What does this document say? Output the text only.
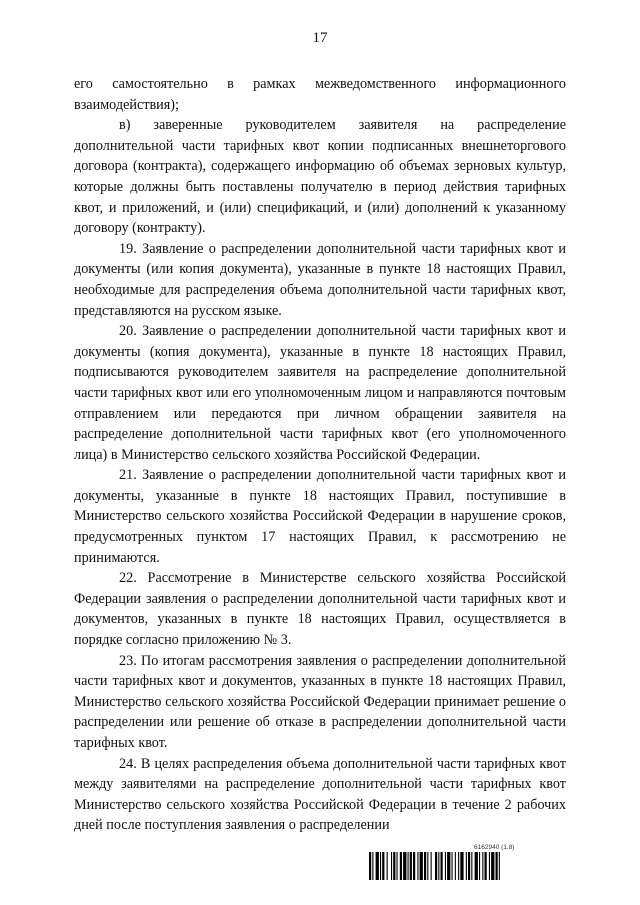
17

его самостоятельно в рамках межведомственного информационного взаимодействия);

в) заверенные руководителем заявителя на распределение дополнительной части тарифных квот копии подписанных внешнеторгового договора (контракта), содержащего информацию об объемах зерновых культур, которые должны быть поставлены получателю в период действия тарифных квот, и приложений, и (или) спецификаций, и (или) дополнений к указанному договору (контракту).

19. Заявление о распределении дополнительной части тарифных квот и документы (или копия документа), указанные в пункте 18 настоящих Правил, необходимые для распределения объема дополнительной части тарифных квот, представляются на русском языке.

20. Заявление о распределении дополнительной части тарифных квот и документы (копия документа), указанные в пункте 18 настоящих Правил, подписываются руководителем заявителя на распределение дополнительной части тарифных квот или его уполномоченным лицом и направляются почтовым отправлением или передаются при личном обращении заявителя на распределение дополнительной части тарифных квот (его уполномоченного лица) в Министерство сельского хозяйства Российской Федерации.

21. Заявление о распределении дополнительной части тарифных квот и документы, указанные в пункте 18 настоящих Правил, поступившие в Министерство сельского хозяйства Российской Федерации в нарушение сроков, предусмотренных пунктом 17 настоящих Правил, к рассмотрению не принимаются.

22. Рассмотрение в Министерстве сельского хозяйства Российской Федерации заявления о распределении дополнительной части тарифных квот и документов, указанных в пункте 18 настоящих Правил, осуществляется в порядке согласно приложению № 3.

23. По итогам рассмотрения заявления о распределении дополнительной части тарифных квот и документов, указанных в пункте 18 настоящих Правил, Министерство сельского хозяйства Российской Федерации принимает решение о распределении или решение об отказе в распределении дополнительной части тарифных квот.

24. В целях распределения объема дополнительной части тарифных квот между заявителями на распределение дополнительной части тарифных квот Министерство сельского хозяйства Российской Федерации в течение 2 рабочих дней после поступления заявления о распределении

6162940 (1.8)
